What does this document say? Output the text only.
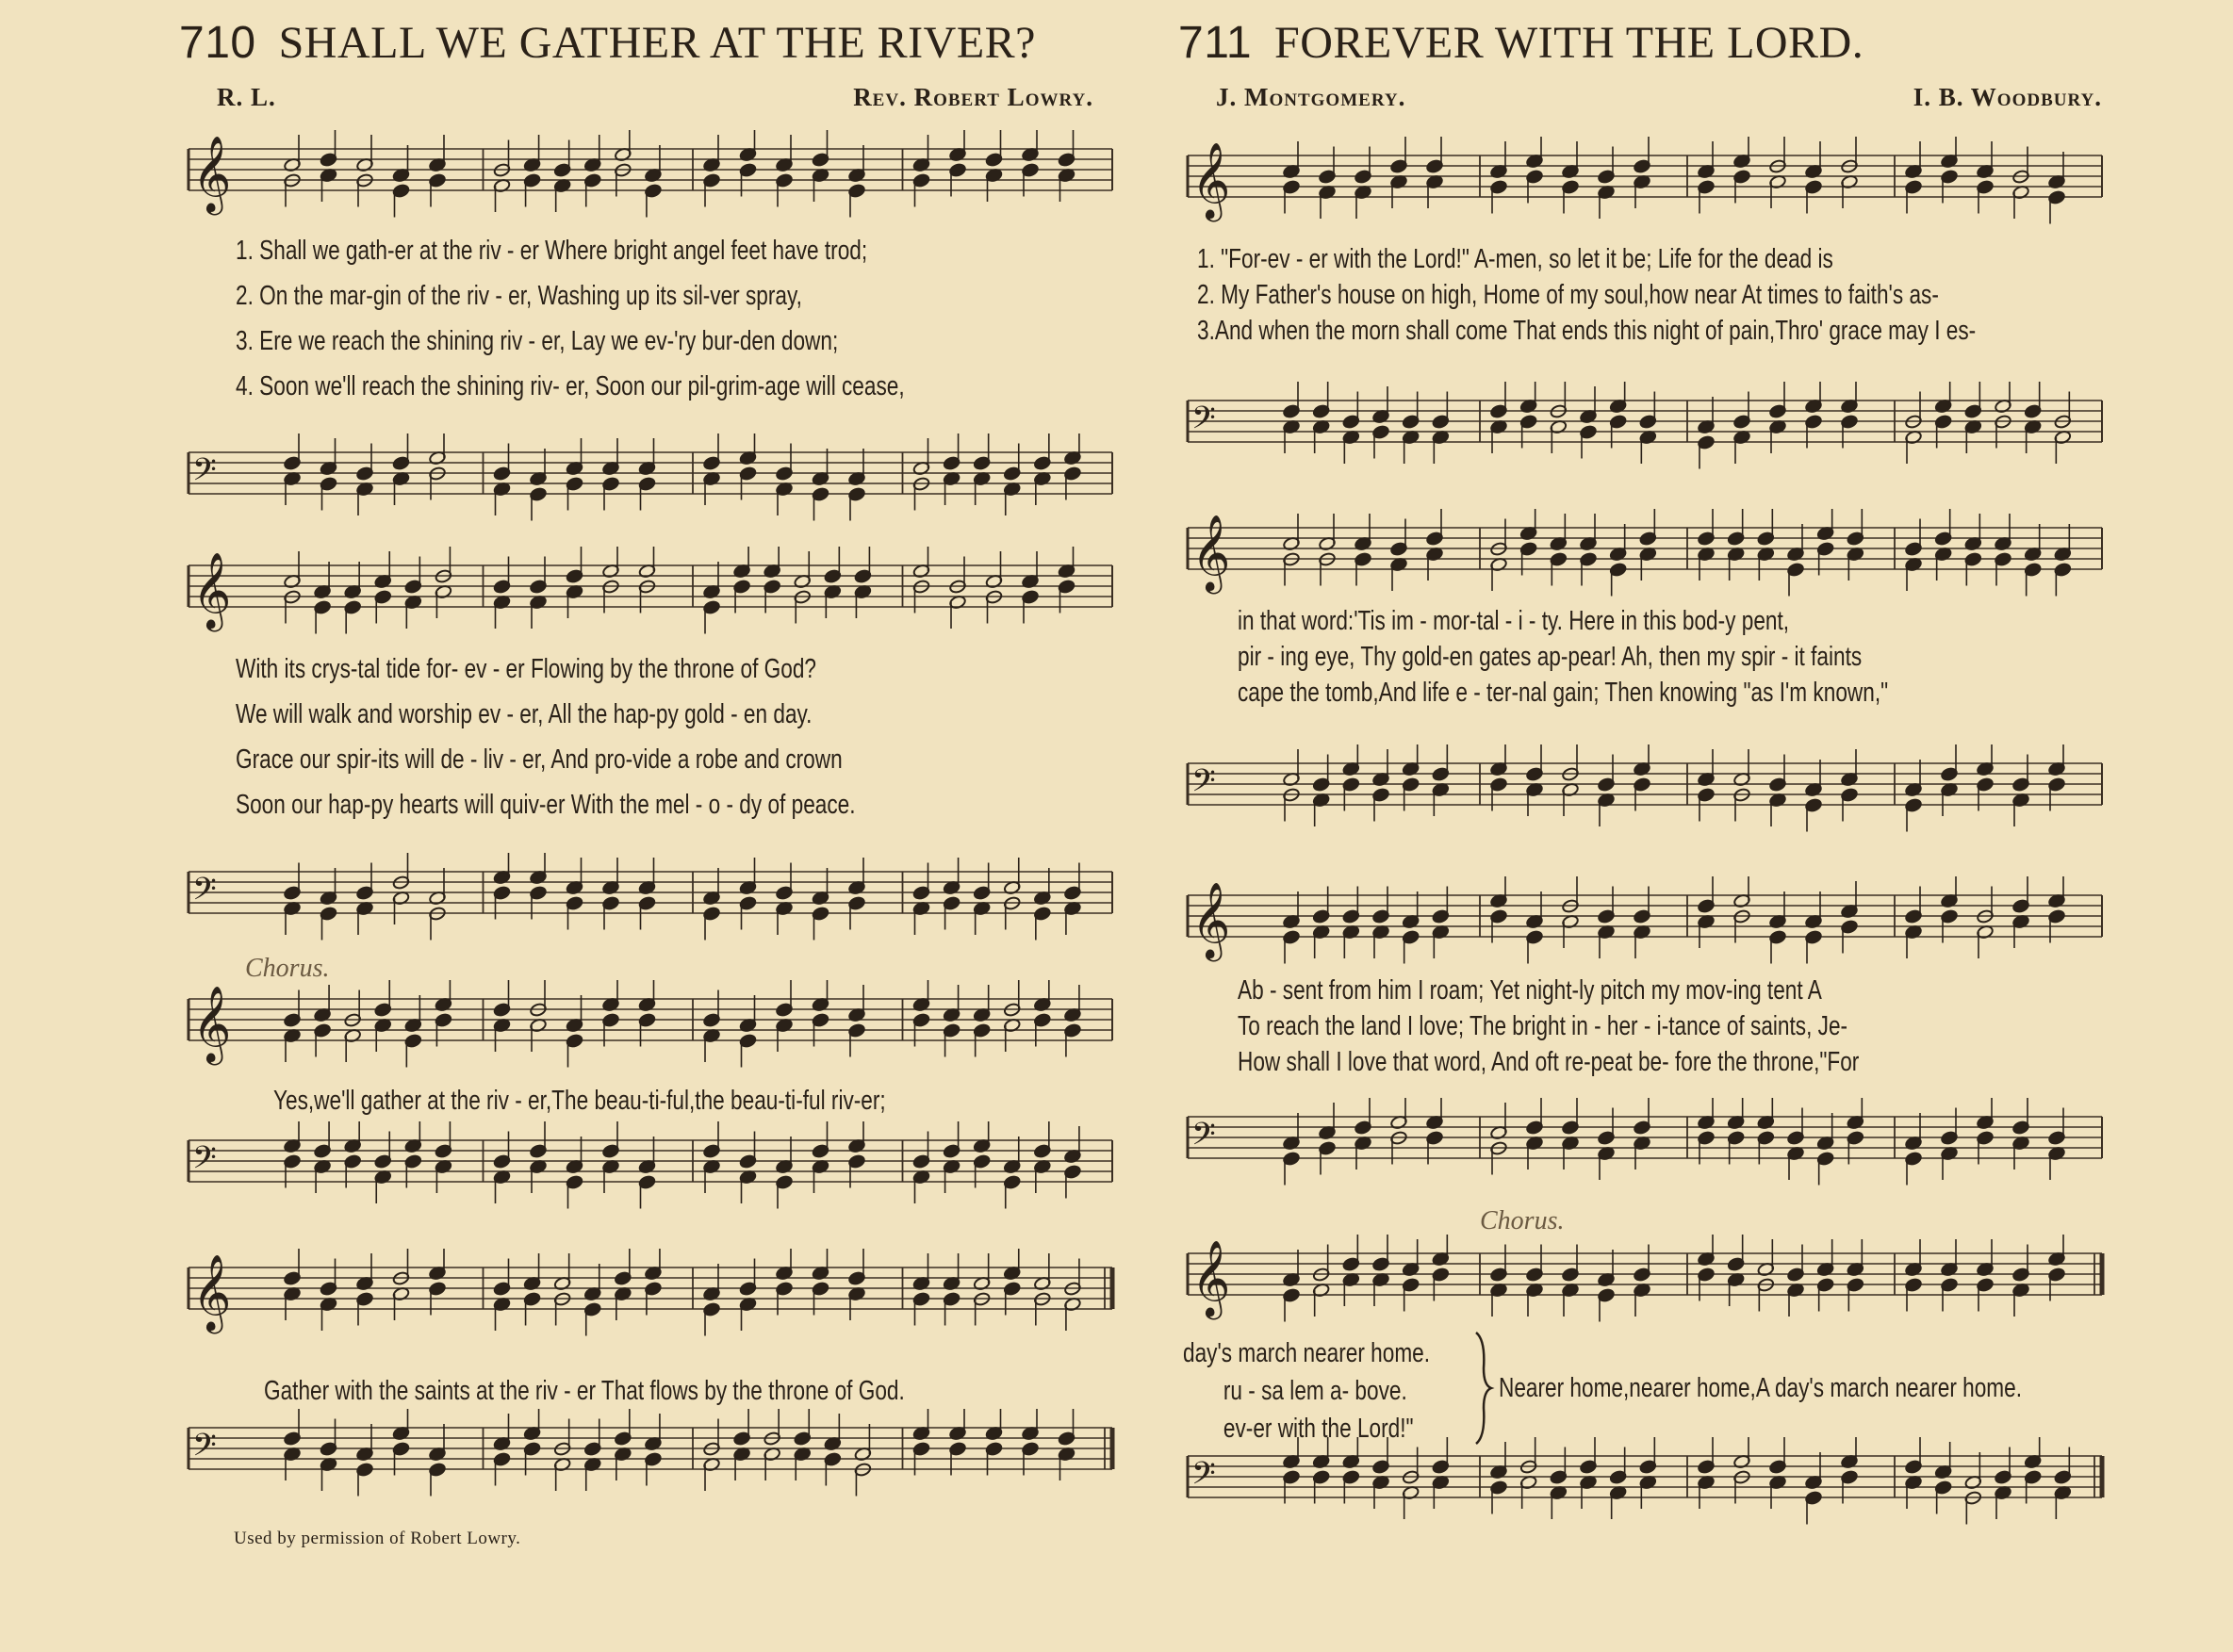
710 SHALL WE GATHER AT THE RIVER?
R. L.	Rev. Robert Lowry.
𝄞
1. Shall we gath-er at the riv - er Where bright angel feet have trod;
2. On the mar-gin of the riv - er, Washing up its sil-ver spray,
3. Ere we reach the shining riv - er, Lay we ev-'ry bur-den down;
4. Soon we'll reach the shining riv- er, Soon our pil-grim-age will cease,
𝄢
𝄞
With its crys-tal tide for- ev - er Flowing by the throne of God?
We will walk and worship ev - er, All the hap-py gold - en day.
Grace our spir-its will de - liv - er, And pro-vide a robe and crown
Soon our hap-py hearts will quiv-er With the mel - o - dy of peace.
𝄢
Chorus.
𝄞
Yes,we'll gather at the riv - er,The beau-ti-ful,the beau-ti-ful riv-er;
𝄢
𝄞
Gather with the saints at the riv - er That flows by the throne of God.
𝄢
Used by permission of Robert Lowry.
711 FOREVER WITH THE LORD.
J. Montgomery.	I. B. Woodbury.
𝄞
1. "For-ev - er with the Lord!" A-men, so let it be; Life for the dead is
2. My Father's house on high, Home of my soul,how near At times to faith's as-
3.And when the morn shall come That ends this night of pain,Thro' grace may I es-
𝄢
𝄞
in that word:'Tis im - mor-tal - i - ty. Here in this bod-y pent,
pir - ing eye, Thy gold-en gates ap-pear! Ah, then my spir - it faints
cape the tomb,And life e - ter-nal gain; Then knowing "as I'm known,"
𝄢
𝄞
Ab - sent from him I roam; Yet night-ly pitch my mov-ing tent A
To reach the land I love; The bright in - her - i-tance of saints, Je-
How shall I love that word, And oft re-peat be- fore the throne,"For
𝄢
Chorus.
𝄞
day's march nearer home.
ru - sa lem a- bove.
ev-er with the Lord!"
Nearer home,nearer home,A day's march nearer home.
𝄢
